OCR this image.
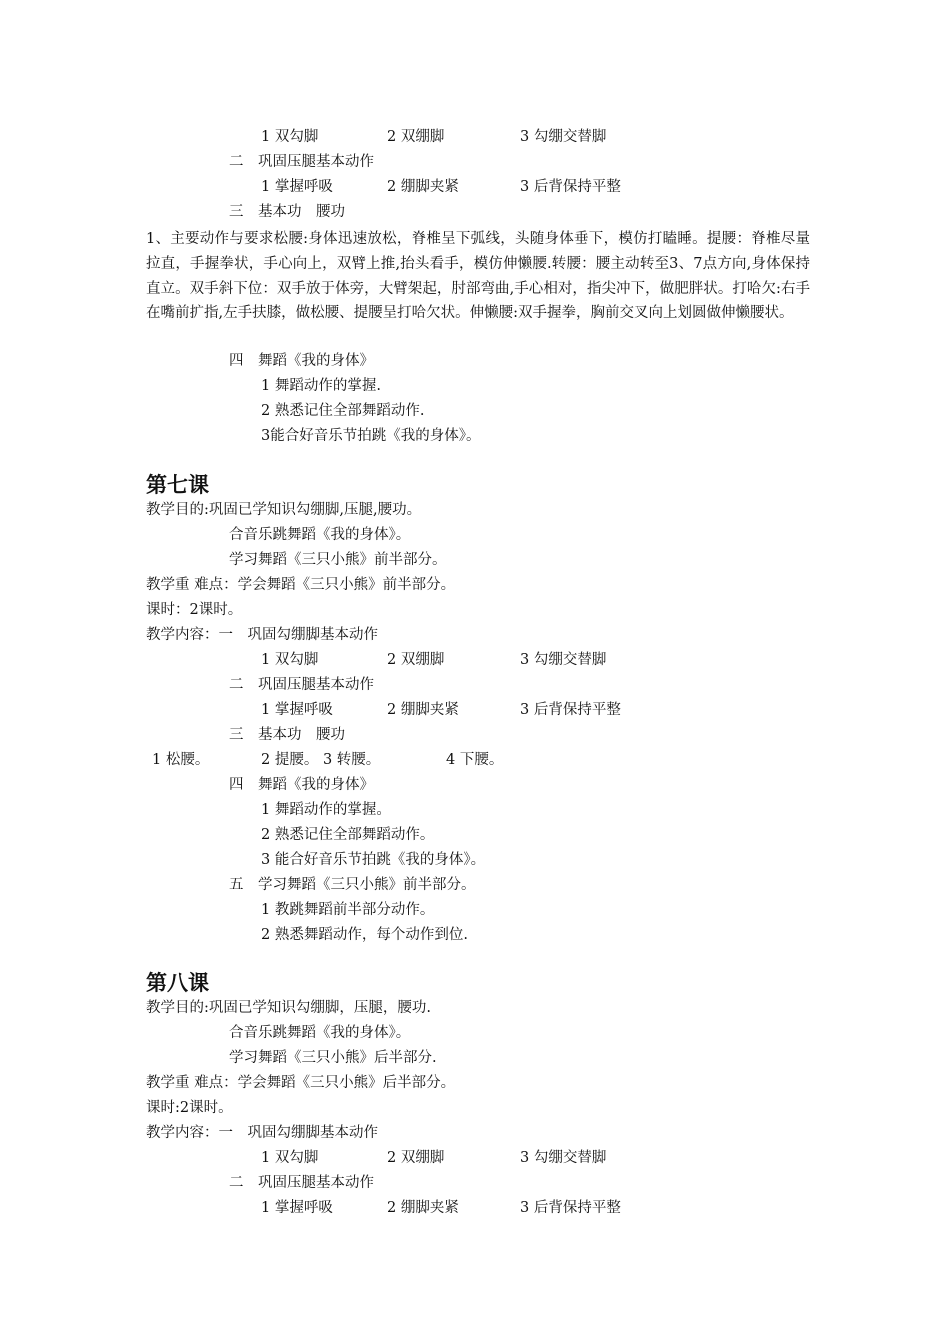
1 双勾脚	2 双绷脚	3 勾绷交替脚
二　巩固压腿基本动作
1 掌握呼吸	2 绷脚夹紧	3 后背保持平整
三　基本功　腰功
1、主要动作与要求松腰:身体迅速放松，脊椎呈下弧线，头随身体垂下，模仿打瞌睡。提腰：脊椎尽量拉直，手握拳状，手心向上，双臂上推,抬头看手，模仿伸懒腰.转腰：腰主动转至3、7点方向,身体保持直立。双手斜下位：双手放于体旁，大臂架起，肘部弯曲,手心相对，指尖冲下，做肥胖状。打哈欠:右手在嘴前扩指,左手扶膝，做松腰、提腰呈打哈欠状。伸懒腰:双手握拳，胸前交叉向上划圆做伸懒腰状。
四　舞蹈《我的身体》
1 舞蹈动作的掌握.
2 熟悉记住全部舞蹈动作.
3能合好音乐节拍跳《我的身体》。
第七课
教学目的:巩固已学知识勾绷脚,压腿,腰功。
合音乐跳舞蹈《我的身体》。
学习舞蹈《三只小熊》前半部分。
教学重 难点：学会舞蹈《三只小熊》前半部分。
课时：2课时。
教学内容：一　巩固勾绷脚基本动作
1 双勾脚	2 双绷脚	3 勾绷交替脚
二　巩固压腿基本动作
1 掌握呼吸	2 绷脚夹紧	3 后背保持平整
三　基本功　腰功
1 松腰。	2 提腰。 3 转腰。	4 下腰。
四　舞蹈《我的身体》
1 舞蹈动作的掌握。
2 熟悉记住全部舞蹈动作。
3 能合好音乐节拍跳《我的身体》。
五　学习舞蹈《三只小熊》前半部分。
1 教跳舞蹈前半部分动作。
2 熟悉舞蹈动作，每个动作到位.
第八课
教学目的:巩固已学知识勾绷脚，压腿，腰功.
合音乐跳舞蹈《我的身体》。
学习舞蹈《三只小熊》后半部分.
教学重 难点：学会舞蹈《三只小熊》后半部分。
课时:2课时。
教学内容：一　巩固勾绷脚基本动作
1 双勾脚	2 双绷脚	3 勾绷交替脚
二　巩固压腿基本动作
1 掌握呼吸	2 绷脚夹紧	3 后背保持平整
